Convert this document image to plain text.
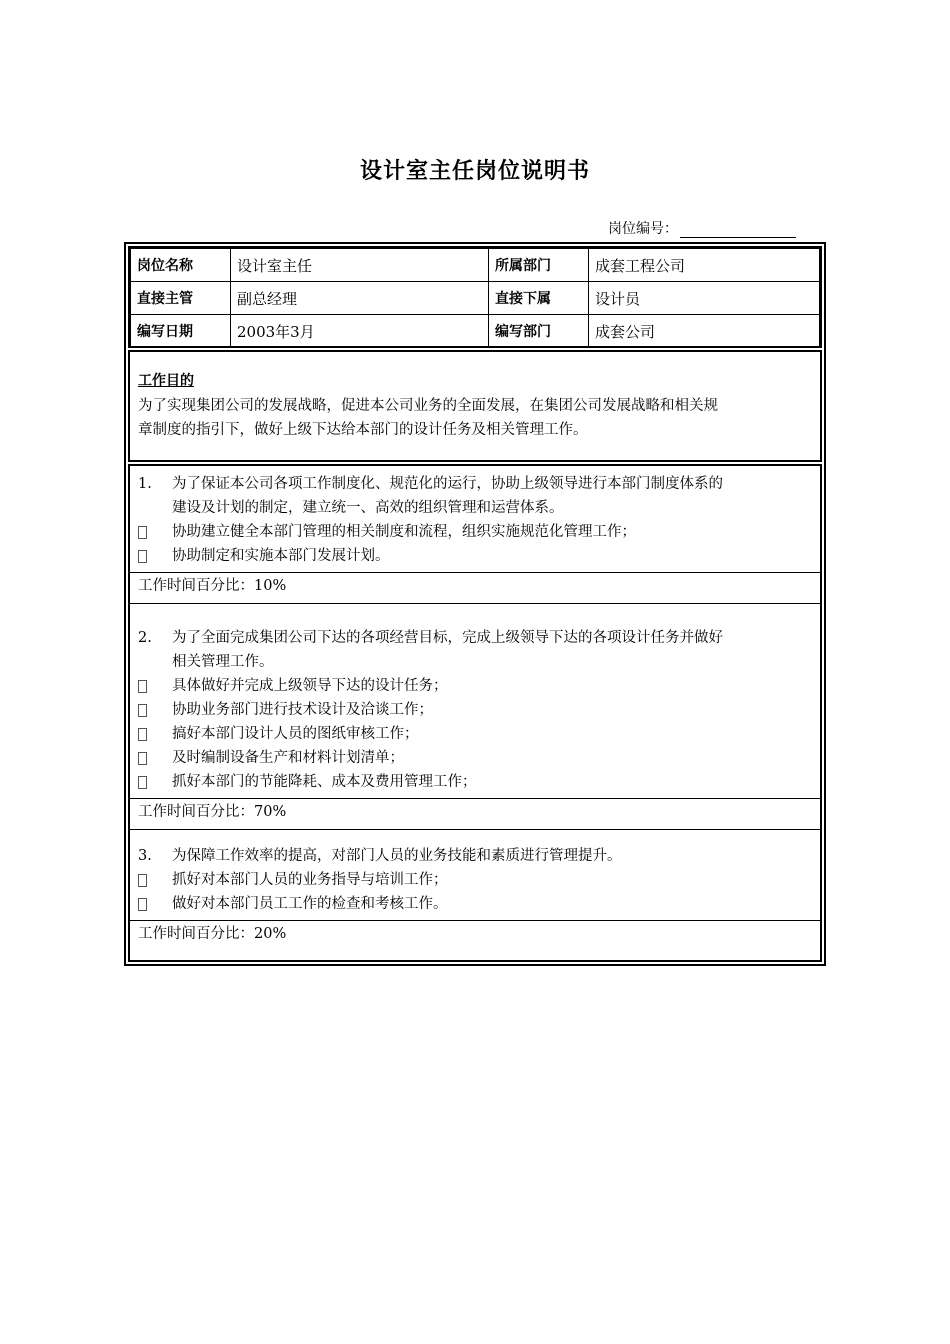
设计室主任岗位说明书
岗位编号：
岗位名称	设计室主任	所属部门	成套工程公司
直接主管	副总经理	直接下属	设计员
编写日期	2003年3月	编写部门	成套公司
工作目的
为了实现集团公司的发展战略，促进本公司业务的全面发展，在集团公司发展战略和相关规
章制度的指引下，做好上级下达给本部门的设计任务及相关管理工作。
1.	为了保证本公司各项工作制度化、规范化的运行，协助上级领导进行本部门制度体系的
建设及计划的制定，建立统一、高效的组织管理和运营体系。
协助建立健全本部门管理的相关制度和流程，组织实施规范化管理工作；
协助制定和实施本部门发展计划。
工作时间百分比：10%
2.	为了全面完成集团公司下达的各项经营目标，完成上级领导下达的各项设计任务并做好
相关管理工作。
具体做好并完成上级领导下达的设计任务；
协助业务部门进行技术设计及洽谈工作；
搞好本部门设计人员的图纸审核工作；
及时编制设备生产和材料计划清单；
抓好本部门的节能降耗、成本及费用管理工作；
工作时间百分比：70%
3.	为保障工作效率的提高，对部门人员的业务技能和素质进行管理提升。
抓好对本部门人员的业务指导与培训工作；
做好对本部门员工工作的检查和考核工作。
工作时间百分比：20%
